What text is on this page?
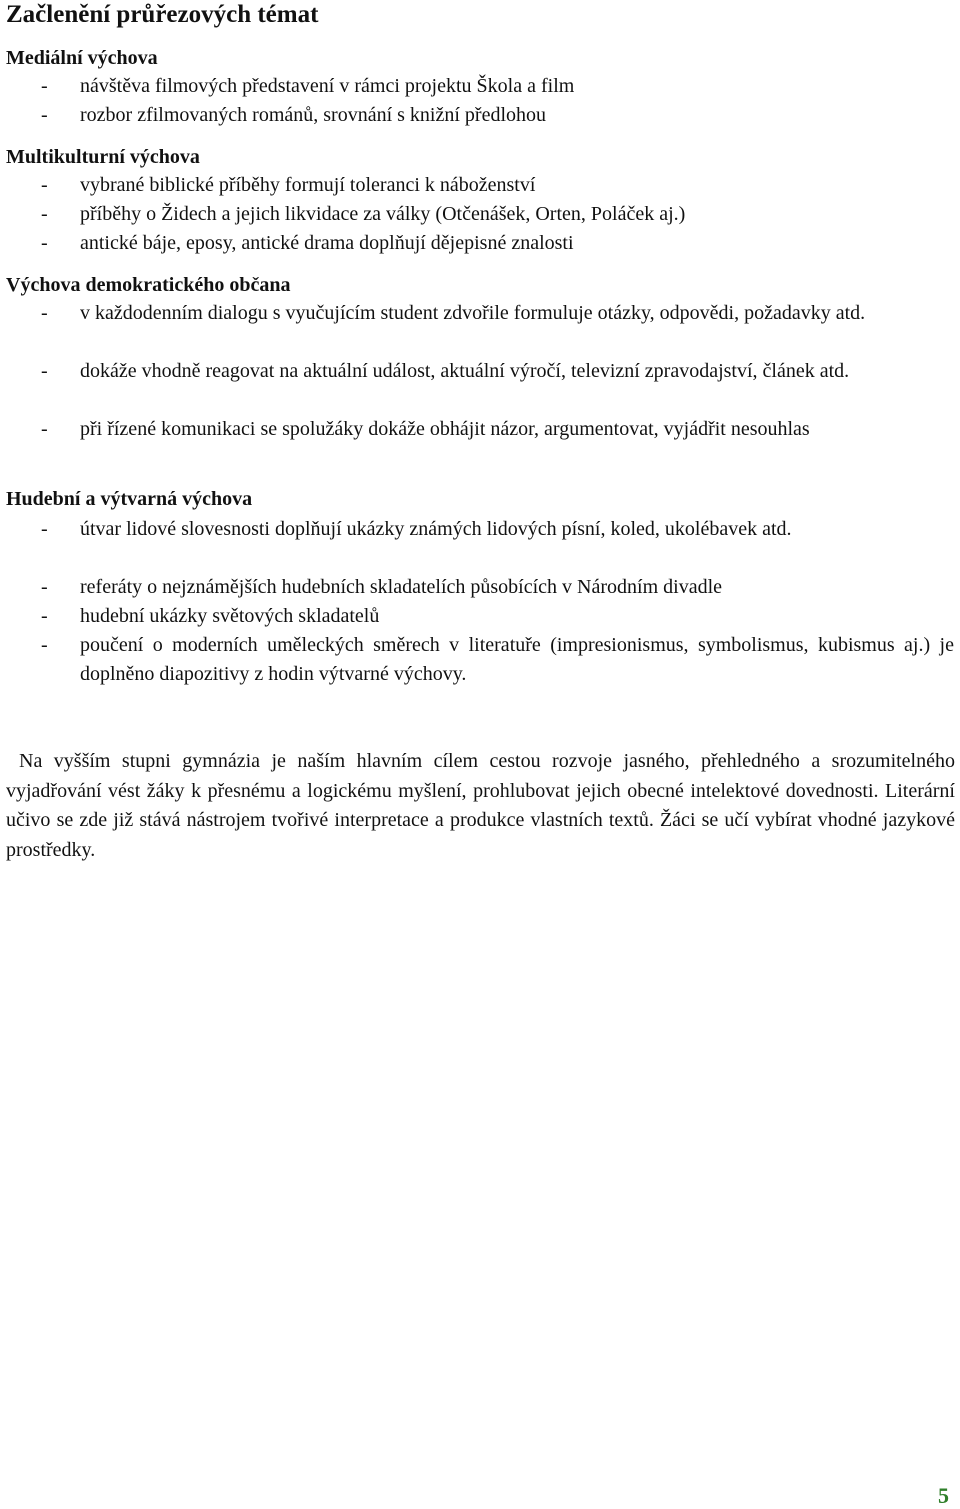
Začlenění průřezových témat
Mediální výchova
- návštěva filmových představení v rámci projektu Škola a film
- rozbor zfilmovaných románů, srovnání s knižní předlohou
Multikulturní výchova
- vybrané biblické příběhy formují toleranci k náboženství
- příběhy o Židech a jejich likvidace za války (Otčenášek, Orten, Poláček aj.)
- antické báje, eposy, antické drama doplňují dějepisné znalosti
Výchova demokratického občana
- v každodenním dialogu s vyučujícím student zdvořile formuluje otázky, odpovědi, požadavky atd.
- dokáže vhodně reagovat na aktuální událost, aktuální výročí, televizní zpravodajství, článek atd.
- při řízené komunikaci se spolužáky dokáže obhájit názor, argumentovat, vyjádřit nesouhlas
Hudební a výtvarná výchova
- útvar lidové slovesnosti doplňují ukázky známých lidových písní, koled, ukolébavek atd.
- referáty o nejznámějších hudebních skladatelích působících v Národním divadle
- hudební ukázky světových skladatelů
- poučení o moderních uměleckých směrech v literatuře (impresionismus, symbolismus, kubismus aj.) je doplněno diapozitivy z hodin výtvarné výchovy.

Na vyšším stupni gymnázia je naším hlavním cílem cestou rozvoje jasného, přehledného a srozumitelného vyjadřování vést žáky k přesnému a logickému myšlení, prohlubovat jejich obecné intelektové dovednosti. Literární učivo se zde již stává nástrojem tvořivé interpretace a produkce vlastních textů. Žáci se učí vybírat vhodné jazykové prostředky.

5
